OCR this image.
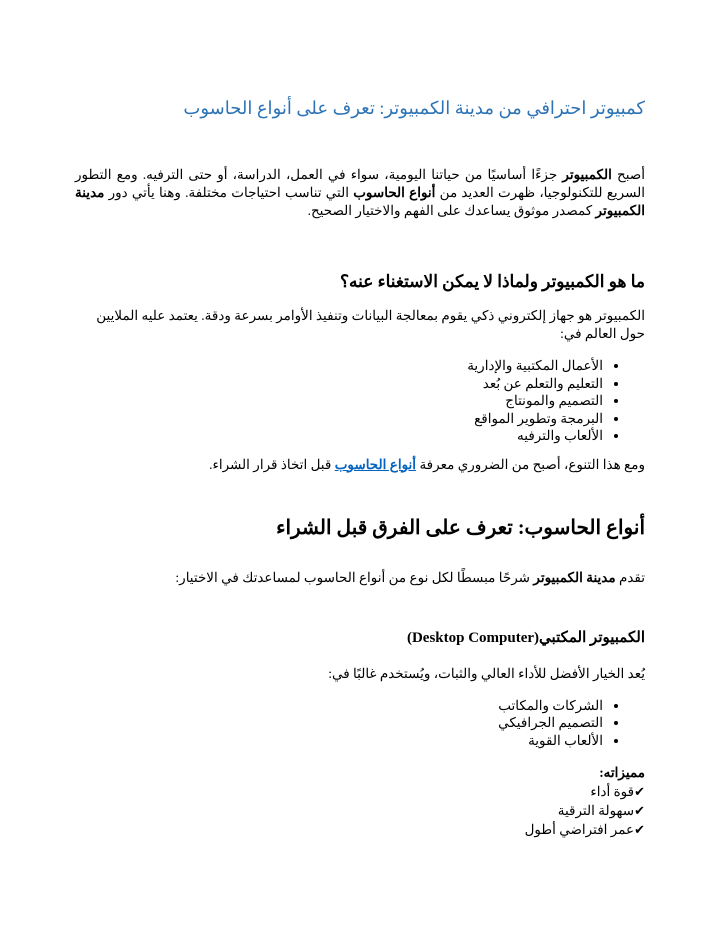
كمبيوتر احترافي من مدينة الكمبيوتر: تعرف على أنواع الحاسوب

أصبح الكمبيوتر جزءًا أساسيًا من حياتنا اليومية، سواء في العمل، الدراسة، أو حتى الترفيه. ومع التطور السريع للتكنولوجيا، ظهرت العديد من أنواع الحاسوب التي تناسب احتياجات مختلفة. وهنا يأتي دور مدينة الكمبيوتر كمصدر موثوق يساعدك على الفهم والاختيار الصحيح.

ما هو الكمبيوتر ولماذا لا يمكن الاستغناء عنه؟

الكمبيوتر هو جهاز إلكتروني ذكي يقوم بمعالجة البيانات وتنفيذ الأوامر بسرعة ودقة. يعتمد عليه الملايين حول العالم في:

• الأعمال المكتبية والإدارية
• التعليم والتعلم عن بُعد
• التصميم والمونتاج
• البرمجة وتطوير المواقع
• الألعاب والترفيه

ومع هذا التنوع، أصبح من الضروري معرفة أنواع الحاسوب قبل اتخاذ قرار الشراء.

أنواع الحاسوب: تعرف على الفرق قبل الشراء

تقدم مدينة الكمبيوتر شرحًا مبسطًا لكل نوع من أنواع الحاسوب لمساعدتك في الاختيار:

الكمبيوتر المكتبي(Desktop Computer)

يُعد الخيار الأفضل للأداء العالي والثبات، ويُستخدم غالبًا في:

• الشركات والمكاتب
• التصميم الجرافيكي
• الألعاب القوية

مميزاته:

✔قوة أداء
✔سهولة الترقية
✔عمر افتراضي أطول
